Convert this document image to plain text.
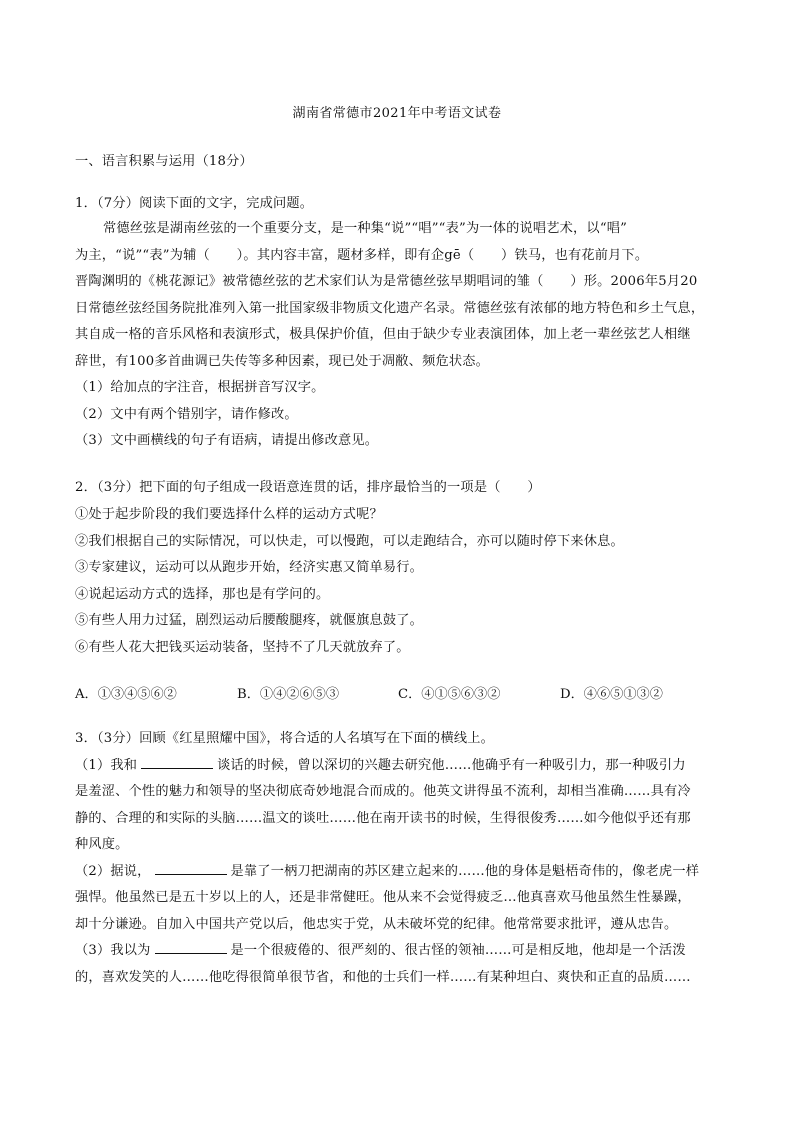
湖南省常德市2021年中考语文试卷
一、语言积累与运用（18分）
1．（7分）阅读下面的文字，完成问题。
常德丝弦是湖南丝弦的一个重要分支，是一种集“说”“唱”“表”为一体的说唱艺术，以“唱”
为主，“说”“表”为辅（　　）。其内容丰富，题材多样，即有企gē（　　）铁马，也有花前月下。
晋陶渊明的《桃花源记》被常德丝弦的艺术家们认为是常德丝弦早期唱词的雏（　　）形。2006年5月20
日常德丝弦经国务院批准列入第一批国家级非物质文化遗产名录。常德丝弦有浓郁的地方特色和乡土气息，
其自成一格的音乐风格和表演形式，极具保护价值，但由于缺少专业表演团体，加上老一辈丝弦艺人相继
辞世，有100多首曲调已失传等多种因素，现已处于凋敝、频危状态。
（1）给加点的字注音，根据拼音写汉字。
（2）文中有两个错别字，请作修改。
（3）文中画横线的句子有语病，请提出修改意见。
2．（3分）把下面的句子组成一段语意连贯的话，排序最恰当的一项是（　　）
①处于起步阶段的我们要选择什么样的运动方式呢？
②我们根据自己的实际情况，可以快走，可以慢跑，可以走跑结合，亦可以随时停下来休息。
③专家建议，运动可以从跑步开始，经济实惠又简单易行。
④说起运动方式的选择，那也是有学问的。
⑤有些人用力过猛，剧烈运动后腰酸腿疼，就偃旗息鼓了。
⑥有些人花大把钱买运动装备，坚持不了几天就放弃了。
A．①③④⑤⑥②	B．①④②⑥⑤③	C．④①⑤⑥③②	D．④⑥⑤①③②
3．（3分）回顾《红星照耀中国》，将合适的人名填写在下面的横线上。
（1）我和	谈话的时候，曾以深切的兴趣去研究他……他确乎有一种吸引力，那一种吸引力
是羞涩、个性的魅力和领导的坚决彻底奇妙地混合而成的。他英文讲得虽不流利，却相当准确……具有冷
静的、合理的和实际的头脑……温文的谈吐……他在南开读书的时候，生得很俊秀……如今他似乎还有那
种风度。
（2）据说，	是靠了一柄刀把湖南的苏区建立起来的……他的身体是魁梧奇伟的，像老虎一样
强悍。他虽然已是五十岁以上的人，还是非常健旺。他从来不会觉得疲乏…他真喜欢马他虽然生性暴躁，
却十分谦逊。自加入中国共产党以后，他忠实于党，从未破坏党的纪律。他常常要求批评，遵从忠告。
（3）我以为	是一个很疲倦的、很严刻的、很古怪的领袖……可是相反地，他却是一个活泼
的，喜欢发笑的人……他吃得很简单很节省，和他的士兵们一样……有某种坦白、爽快和正直的品质……
